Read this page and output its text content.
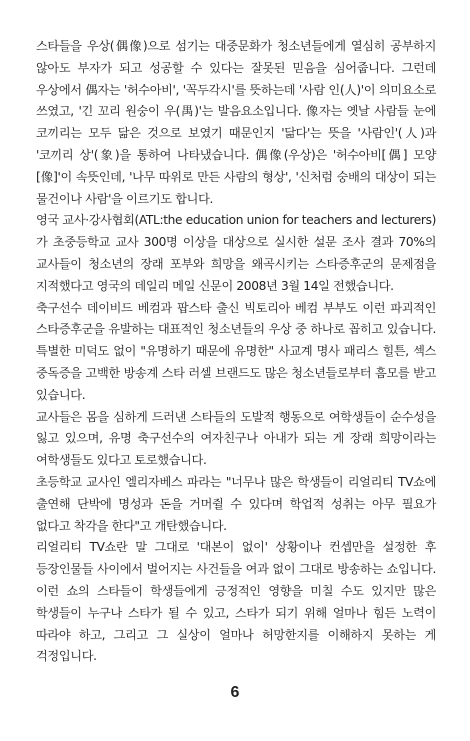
스타들을 우상(偶像)으로 섬기는 대중문화가 청소년들에게 열심히 공부하지 않아도 부자가 되고 성공할 수 있다는 잘못된 믿음을 심어줍니다. 그런데 우상에서 偶자는 '허수아비', '꼭두각시'를 뜻하는데 '사람 인(人)'이 의미요소로 쓰였고, '긴 꼬리 원숭이 우(禺)'는 발음요소입니다. 像자는 옛날 사람들 눈에 코끼리는 모두 닮은 것으로 보였기 때문인지 '닮다'는 뜻을 '사람인'(人)과 '코끼리 상'(象)을 통하여 나타냈습니다. 偶像(우상)은 '허수아비[偶] 모양[像]'이 속뜻인데, '나무 따위로 만든 사람의 형상', '신처럼 숭배의 대상이 되는 물건이나 사람'을 이르기도 합니다.

영국 교사·강사협회(ATL:the education union for teachers and lecturers)가 초중등학교 교사 300명 이상을 대상으로 실시한 설문 조사 결과 70%의 교사들이 청소년의 장래 포부와 희망을 왜곡시키는 스타증후군의 문제점을 지적했다고 영국의 데일리 메일 신문이 2008년 3월 14일 전했습니다.

축구선수 데이비드 베컴과 팝스타 출신 빅토리아 베컴 부부도 이런 파괴적인 스타증후군을 유발하는 대표적인 청소년들의 우상 중 하나로 꼽히고 있습니다. 특별한 미덕도 없이 "유명하기 때문에 유명한" 사교계 명사 패리스 힐튼, 섹스 중독증을 고백한 방송계 스타 러셀 브랜드도 많은 청소년들로부터 흠모를 받고 있습니다.

교사들은 몸을 심하게 드러낸 스타들의 도발적 행동으로 여학생들이 순수성을 잃고 있으며, 유명 축구선수의 여자친구나 아내가 되는 게 장래 희망이라는 여학생들도 있다고 토로했습니다.

초등학교 교사인 엘리자베스 파라는 "너무나 많은 학생들이 리얼리티 TV쇼에 출연해 단박에 명성과 돈을 거머쥘 수 있다며 학업적 성취는 아무 필요가 없다고 착각을 한다"고 개탄했습니다.

리얼리티 TV쇼란 말 그대로 '대본이 없이' 상황이나 컨셉만을 설정한 후 등장인물들 사이에서 벌어지는 사건들을 여과 없이 그대로 방송하는 쇼입니다. 이런 쇼의 스타들이 학생들에게 긍정적인 영향을 미칠 수도 있지만 많은 학생들이 누구나 스타가 될 수 있고, 스타가 되기 위해 얼마나 힘든 노력이 따라야 하고, 그리고 그 실상이 얼마나 허망한지를 이해하지 못하는 게 걱정입니다.

6
